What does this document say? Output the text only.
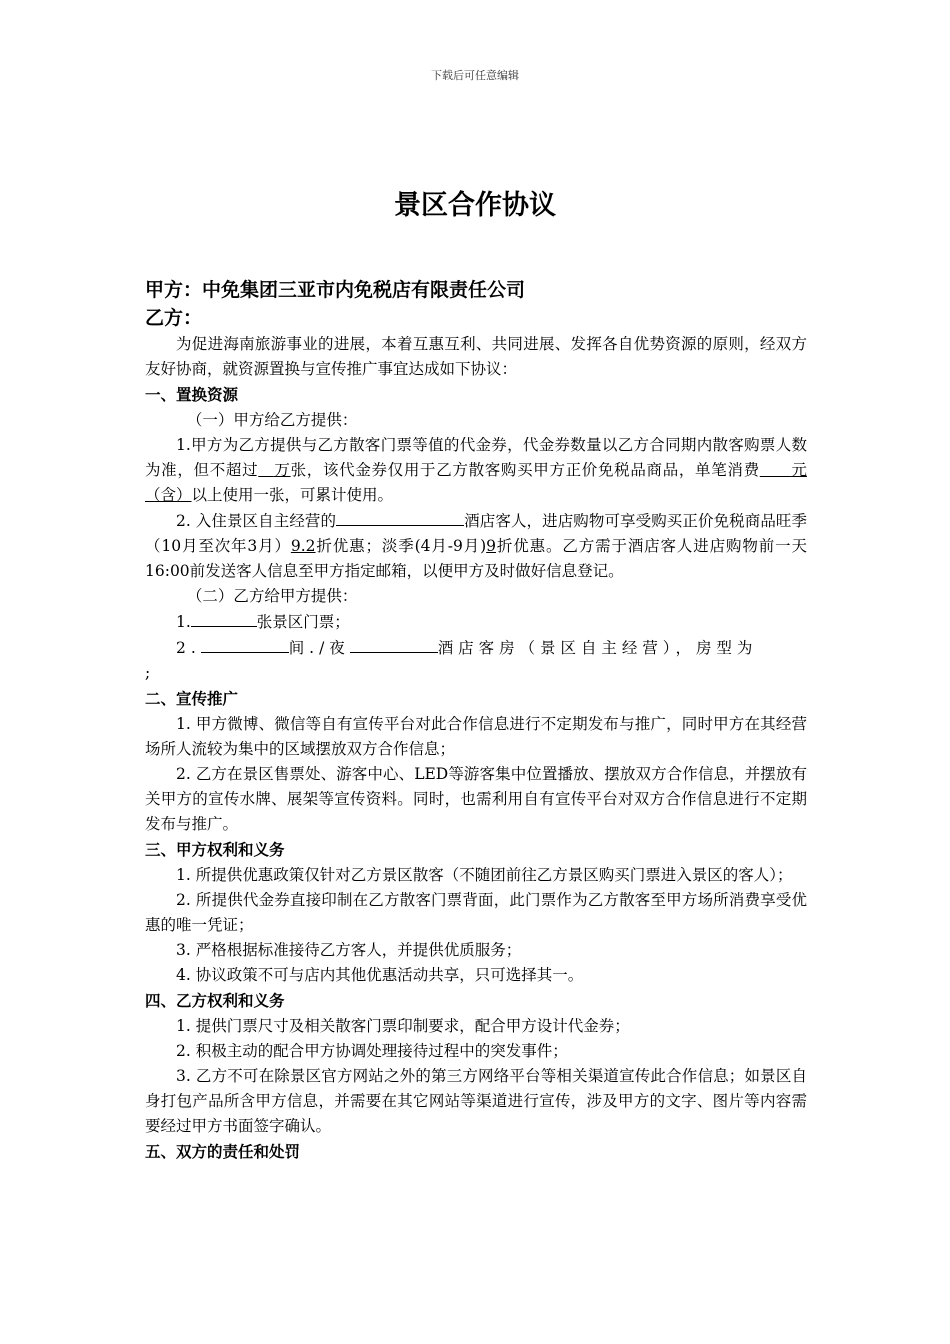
下载后可任意编辑
景区合作协议
甲方：中免集团三亚市内免税店有限责任公司
乙方：
为促进海南旅游事业的进展，本着互惠互利、共同进展、发挥各自优势资源的原则，经双方友好协商，就资源置换与宣传推广事宜达成如下协议：
一、置换资源
（一）甲方给乙方提供：
1.甲方为乙方提供与乙方散客门票等值的代金券，代金券数量以乙方合同期内散客购票人数为准，但不超过   万张，该代金券仅用于乙方散客购买甲方正价免税品商品，单笔消费     元（含）以上使用一张，可累计使用。
2. 入住景区自主经营的	酒店客人，进店购物可享受购买正价免税商品旺季（10月至次年3月）9.2折优惠；淡季(4月-9月)9折优惠。乙方需于酒店客人进店购物前一天16:00前发送客人信息至甲方指定邮箱，以便甲方及时做好信息登记。
（二）乙方给甲方提供：
1.	张景区门票；
2.	间./夜	酒店客房（景区自主经营），房型为
;
二、宣传推广
1. 甲方微博、微信等自有宣传平台对此合作信息进行不定期发布与推广，同时甲方在其经营场所人流较为集中的区域摆放双方合作信息；
2. 乙方在景区售票处、游客中心、LED等游客集中位置播放、摆放双方合作信息，并摆放有关甲方的宣传水牌、展架等宣传资料。同时，也需利用自有宣传平台对双方合作信息进行不定期发布与推广。
三、甲方权利和义务
1. 所提供优惠政策仅针对乙方景区散客（不随团前往乙方景区购买门票进入景区的客人）；
2. 所提供代金券直接印制在乙方散客门票背面，此门票作为乙方散客至甲方场所消费享受优惠的唯一凭证；
3. 严格根据标准接待乙方客人，并提供优质服务；
4. 协议政策不可与店内其他优惠活动共享，只可选择其一。
四、乙方权利和义务
1. 提供门票尺寸及相关散客门票印制要求，配合甲方设计代金券；
2. 积极主动的配合甲方协调处理接待过程中的突发事件；
3. 乙方不可在除景区官方网站之外的第三方网络平台等相关渠道宣传此合作信息；如景区自身打包产品所含甲方信息，并需要在其它网站等渠道进行宣传，涉及甲方的文字、图片等内容需要经过甲方书面签字确认。
五、双方的责任和处罚
